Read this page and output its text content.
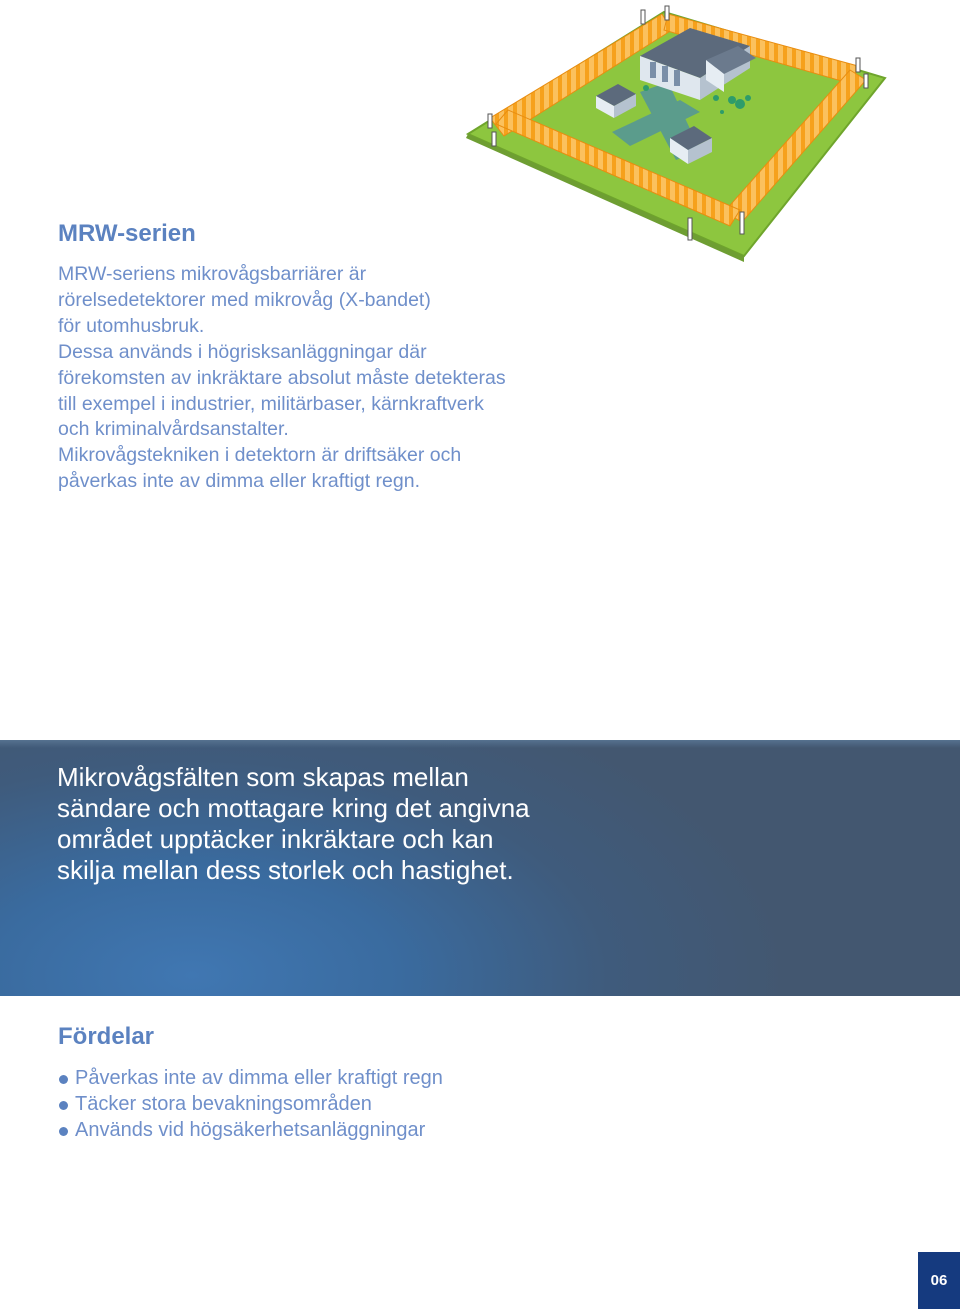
MRW-serien

MRW-seriens mikrovågsbarriärer är
rörelsedetektorer med mikrovåg (X-bandet)
för utomhusbruk.
Dessa används i högrisksanläggningar där
förekomsten av inkräktare absolut måste detekteras
till exempel i industrier, militärbaser, kärnkraftverk
och kriminalvårdsanstalter.
Mikrovågstekniken i detektorn är driftsäker och
påverkas inte av dimma eller kraftigt regn.

Mikrovågsfälten som skapas mellan
sändare och mottagare kring det angivna
området upptäcker inkräktare och kan
skilja mellan dess storlek och hastighet.

Fördelar
Påverkas inte av dimma eller kraftigt regn
Täcker stora bevakningsområden
Används vid högsäkerhetsanläggningar
06
